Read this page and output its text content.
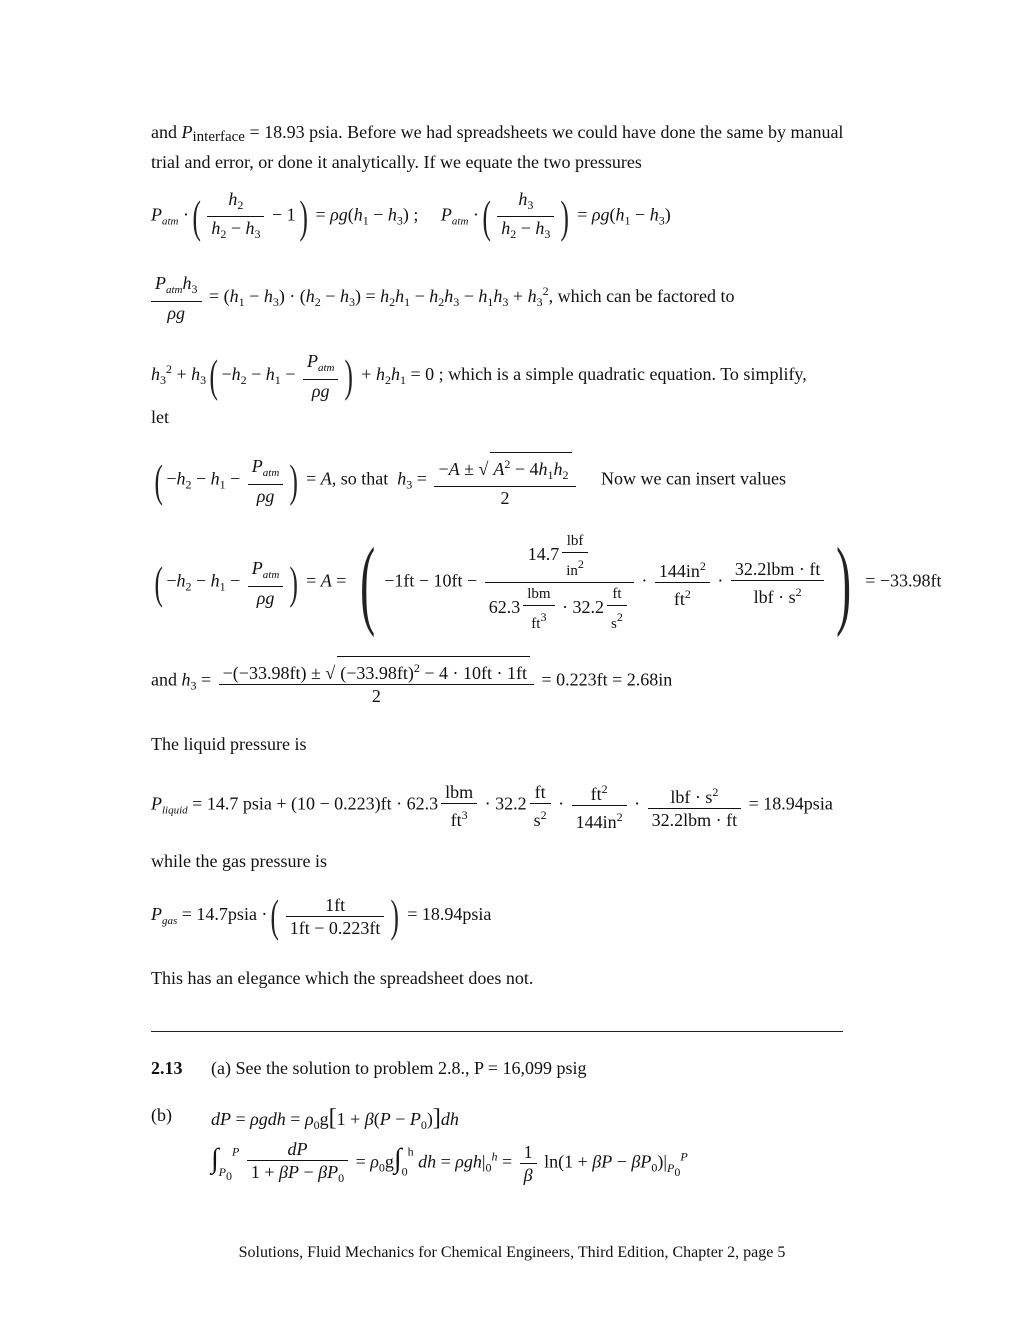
and Pinterface = 18.93 psia. Before we had spreadsheets we could have done the same by manual trial and error, or done it analytically. If we equate the two pressures
$P_{atm}$ ·( $\frac{h_2}{h_2 - h_3} - 1) = \rho g(h_1 - h_3)$ ;     $P_{atm}$ ·( $\frac{h_3}{h_2 - h_3}$ ) = $\rho g(h_1 - h_3)$
$\frac{P_{atm}h_3}{\rho g} = (h_1 - h_3) \cdot (h_2 - h_3) = h_2h_1 - h_2h_3 - h_1h_3 + h_3^2$, which can be factored to
$h_3^2 + h_3( -h_2 - h_1 - \frac{P_{atm}}{\rho g}$ ) + $h_2h_1 = 0$ ; which is a simple quadratic equation. To simplify,
let
( $-h_2 - h_1 - \frac{P_{atm}}{\rho g}$ ) = A, so that $h_3 = \frac{-A \pm √ A^2 - 4h_1h_2}{2}$ Now we can insert values
( $-h_2 - h_1 - \frac{P_{atm}}{\rho g}$ ) = A = ( $-1ft - 10ft - \frac{14.7 \frac{\text{lbf}}{in^2}}{62.3 \frac{\text{lbm}}{ft^3} \cdot 32.2 \frac{ft}{s^2}} \cdot \frac{144in^2}{ft^2} \cdot \frac{\text{32.2lbm · ft}}{lbf \cdot s^2}$ ) = −33.98ft
and $h_3 = \frac{-(-33.98ft) \pm √ (-33.98ft)^2 - 4 \cdot 10ft \cdot 1ft}{2} = 0.223ft = 2.68in$
The liquid pressure is
$P_{liquid} = 14.7$ psia + $(10 - 0.223)ft \cdot 62.3 \frac{\text{lbm}}{ft^3} \cdot 32.2 \frac{ft}{s^2} \cdot \frac{ft^2}{144in^2} \cdot \frac{lbf \cdot s^2}{\text{32.2lbm · ft}}$ = 18.94psia
while the gas pressure is
$P_{gas}$ = 14.7psia ·( $\frac{1ft}{1ft - 0.223ft}$ ) = 18.94psia
This has an elegance which the spreadsheet does not.
2.13 (a) See the solution to problem 2.8., P = 16,099 psig
(b) dP = $\rho gdh = \rho_0g[1 + \beta(P - P_0)]dh$
$\int_{P_0}^P \frac{dP}{1 + \beta P - \beta P_0} = \rho_0g\int_0^h$ dh = $\rho gh|_0^h = \frac{1}{\beta} \ln(1 + \beta P - \beta P_0)|_{P_0}^P$
Solutions, Fluid Mechanics for Chemical Engineers, Third Edition, Chapter 2, page 5
